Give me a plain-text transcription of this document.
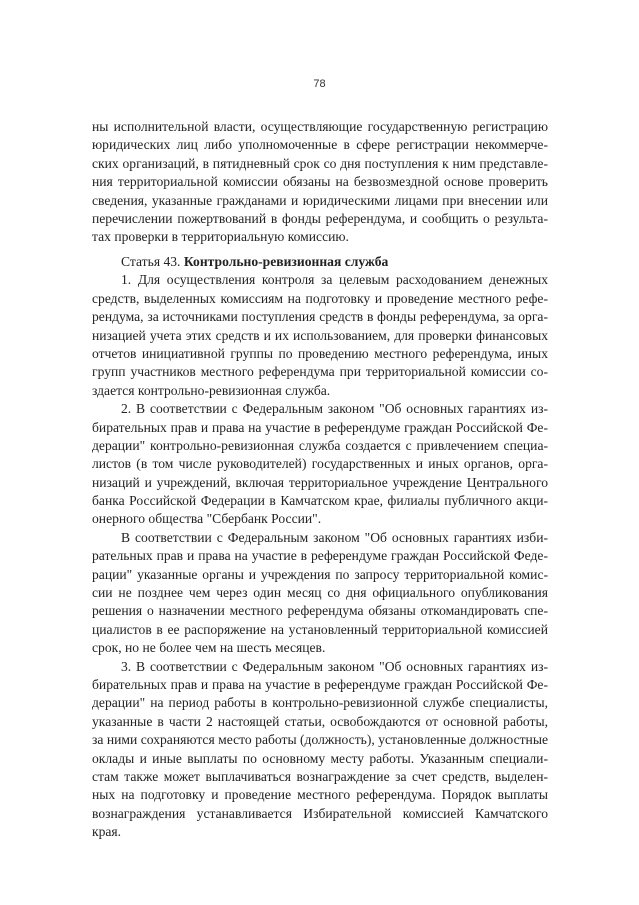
78
ны исполнительной власти, осуществляющие государственную регистрацию
юридических лиц либо уполномоченные в сфере регистрации некоммерче-
ских организаций, в пятидневный срок со дня поступления к ним представле-
ния территориальной комиссии обязаны на безвозмездной основе проверить
сведения, указанные гражданами и юридическими лицами при внесении или
перечислении пожертвований в фонды референдума, и сообщить о результа-
тах проверки в территориальную комиссию.
Статья 43. Контрольно-ревизионная служба
1. Для осуществления контроля за целевым расходованием денежных
средств, выделенных комиссиям на подготовку и проведение местного рефе-
рендума, за источниками поступления средств в фонды референдума, за орга-
низацией учета этих средств и их использованием, для проверки финансовых
отчетов инициативной группы по проведению местного референдума, иных
групп участников местного референдума при территориальной комиссии со-
здается контрольно-ревизионная служба.
2. В соответствии с Федеральным законом "Об основных гарантиях из-
бирательных прав и права на участие в референдуме граждан Российской Фе-
дерации" контрольно-ревизионная служба создается с привлечением специа-
листов (в том числе руководителей) государственных и иных органов, орга-
низаций и учреждений, включая территориальное учреждение Центрального
банка Российской Федерации в Камчатском крае, филиалы публичного акци-
онерного общества "Сбербанк России".
В соответствии с Федеральным законом "Об основных гарантиях изби-
рательных прав и права на участие в референдуме граждан Российской Феде-
рации" указанные органы и учреждения по запросу территориальной комис-
сии не позднее чем через один месяц со дня официального опубликования
решения о назначении местного референдума обязаны откомандировать спе-
циалистов в ее распоряжение на установленный территориальной комиссией
срок, но не более чем на шесть месяцев.
3. В соответствии с Федеральным законом "Об основных гарантиях из-
бирательных прав и права на участие в референдуме граждан Российской Фе-
дерации" на период работы в контрольно-ревизионной службе специалисты,
указанные в части 2 настоящей статьи, освобождаются от основной работы,
за ними сохраняются место работы (должность), установленные должностные
оклады и иные выплаты по основному месту работы. Указанным специали-
стам также может выплачиваться вознаграждение за счет средств, выделен-
ных на подготовку и проведение местного референдума. Порядок выплаты
вознаграждения устанавливается Избирательной комиссией Камчатского
края.
